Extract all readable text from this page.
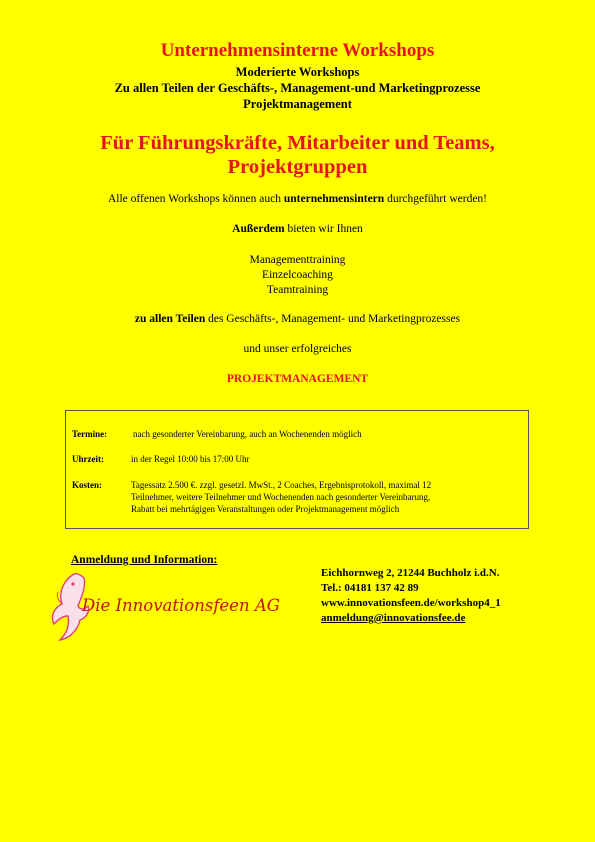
Unternehmensinterne Workshops
Moderierte Workshops
Zu allen Teilen der Geschäfts-, Management-und Marketingprozesse
Projektmanagement
Für Führungskräfte, Mitarbeiter und Teams,
Projektgruppen
Alle offenen Workshops können auch unternehmensintern durchgeführt werden!
Außerdem bieten wir Ihnen
Managementtraining
Einzelcoaching
Teamtraining
zu allen Teilen des Geschäfts-, Management- und Marketingprozesses
und unser erfolgreiches
PROJEKTMANAGEMENT
Termine:	nach gesonderter Vereinbarung, auch an Wochenenden möglich
Uhrzeit:	in der Regel 10:00 bis 17:00 Uhr
Kosten:	Tagessatz 2.500 €. zzgl. gesetzl. MwSt., 2 Coaches, Ergebnisprotokoll, maximal 12
Teilnehmer, weitere Teilnehmer und Wochenenden nach gesonderter Vereinbarung,
Rabatt bei mehrtägigen Veranstaltungen oder Projektmanagement möglich
Anmeldung und Information:
Die Innovationsfeen AG
Eichhornweg 2, 21244 Buchholz i.d.N.
Tel.: 04181 137 42 89
www.innovationsfeen.de/workshop4_1
anmeldung@innovationsfee.de
